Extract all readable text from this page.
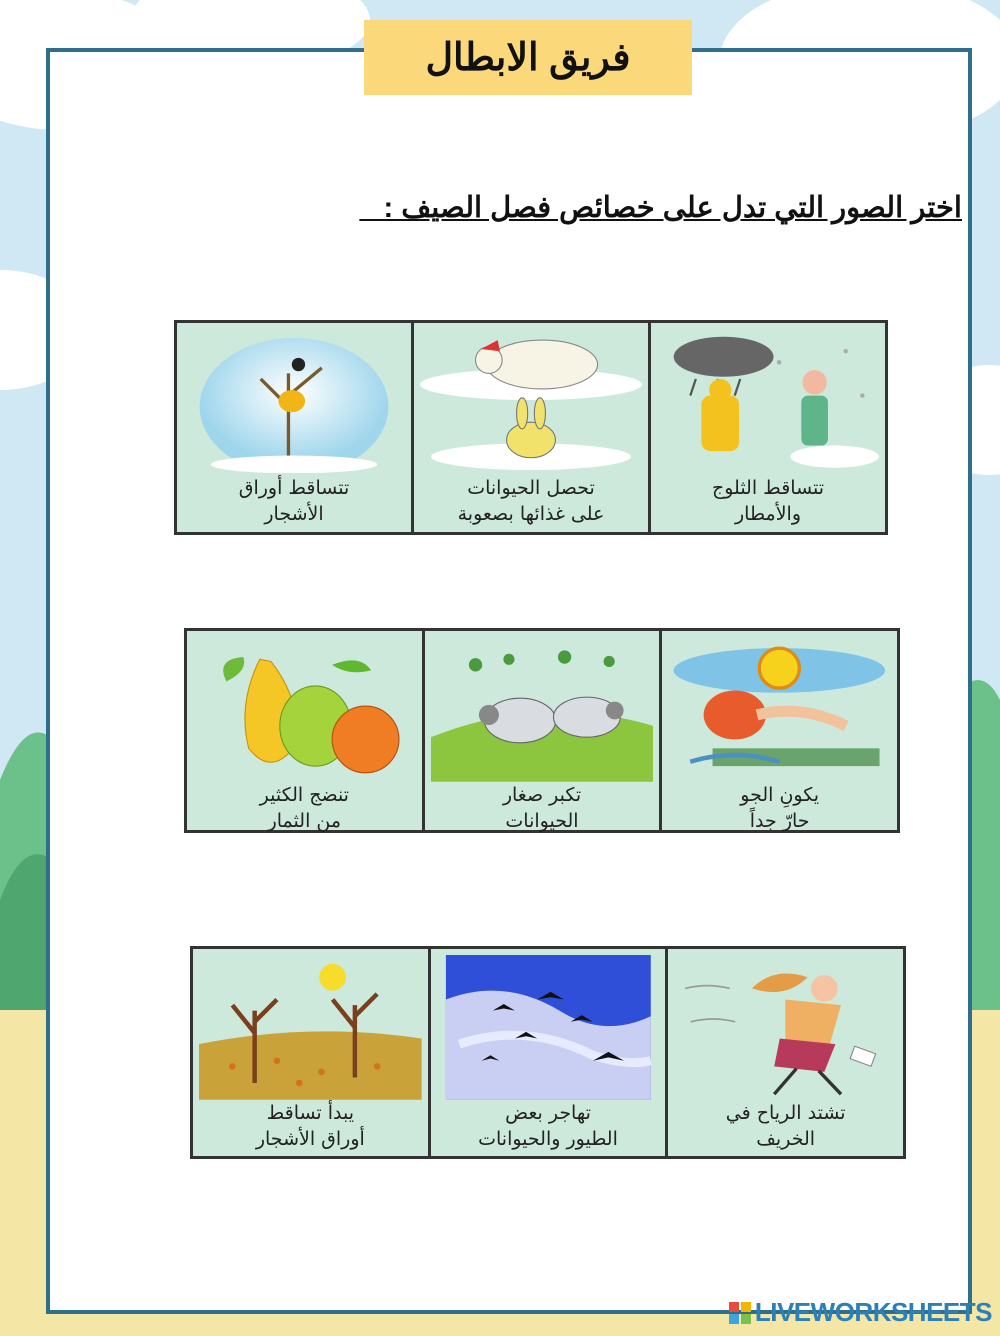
فريق الابطال
اختر الصور التي تدل على خصائص فصل الصيف :
تتساقط الثلوج
والأمطار
تحصل الحيوانات
على غذائها بصعوبة
تتساقط أوراق
الأشجار
يكونِ الجو
حارّ جداً
تكبر صغار
الحيوانات
تنضج الكثير
من الثمار
تشتد الرياح في
الخريف
تهاجر بعض
الطيور والحيوانات
يبدأ تساقط
أوراق الأشجار
LIVEWORKSHEETS
